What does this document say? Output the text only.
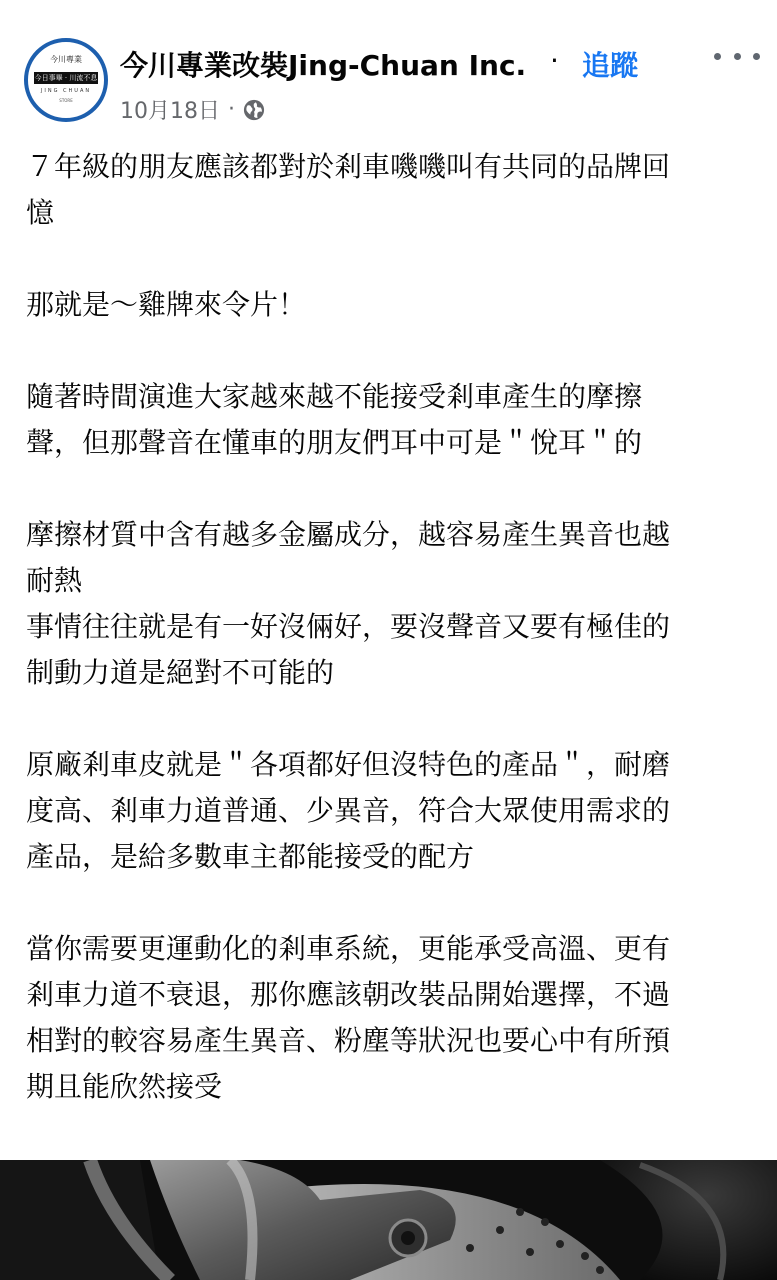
今川專業
今日事畢 · 川流不息
JING CHUAN
STORE
今川專業改裝Jing-Chuan Inc. · 追蹤
10月18日 ·

７年級的朋友應該都對於剎車嘰嘰叫有共同的品牌回
憶

那就是～雞牌來令片！

隨著時間演進大家越來越不能接受剎車產生的摩擦
聲，但那聲音在懂車的朋友們耳中可是＂悅耳＂的

摩擦材質中含有越多金屬成分，越容易產生異音也越
耐熱
事情往往就是有一好沒倆好，要沒聲音又要有極佳的
制動力道是絕對不可能的

原廠剎車皮就是＂各項都好但沒特色的產品＂，耐磨
度高、剎車力道普通、少異音，符合大眾使用需求的
產品，是給多數車主都能接受的配方

當你需要更運動化的剎車系統，更能承受高溫、更有
剎車力道不衰退，那你應該朝改裝品開始選擇，不過
相對的較容易產生異音、粉塵等狀況也要心中有所預
期且能欣然接受
